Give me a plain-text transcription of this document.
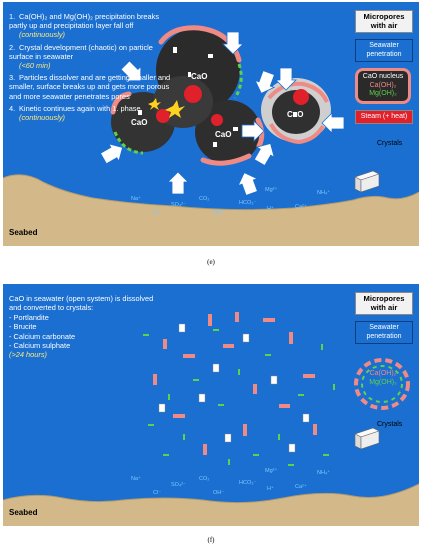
1. Ca(OH)₂ and Mg(OH)₂ precipitation breaks partly up and precipitation layer fall off
(continuously)
2. Crystal development (chaotic) on particle surface in seawater
(<60 min)
3. Particles dissolver and are getting smaller and smaller, surface breaks up and gets more porous and more seawater penetrates pores
4. Kinetic continues again with 1. phase
(continuously)
CaO
CaO
CaO
CaO
Na⁺
SO₄²⁻
CO₂
HCO₃⁻
H⁺
Mg²⁺
Ca²⁺
NH₄⁺
Cl⁻	OH⁻
Seabed
Micropores with air
Seawater penetration
CaO nucleus
Ca(OH)₂
Mg(OH)₂
Steam (+ heat)
Crystals
(e)
CaO in seawater (open system) is dissolved and converted to crystals:
- Portlandite
- Brucite
- Calcium carbonate
- Calcium sulphate
(>24 hours)
Na⁺
SO₄²⁻
CO₂
HCO₃⁻
H⁺
Mg²⁺
Ca²⁺
NH₄⁺
Cl⁻	OH⁻
Seabed
Micropores with air
Seawater penetration
Ca(OH)₂
Mg(OH)₂
Crystals
(f)
